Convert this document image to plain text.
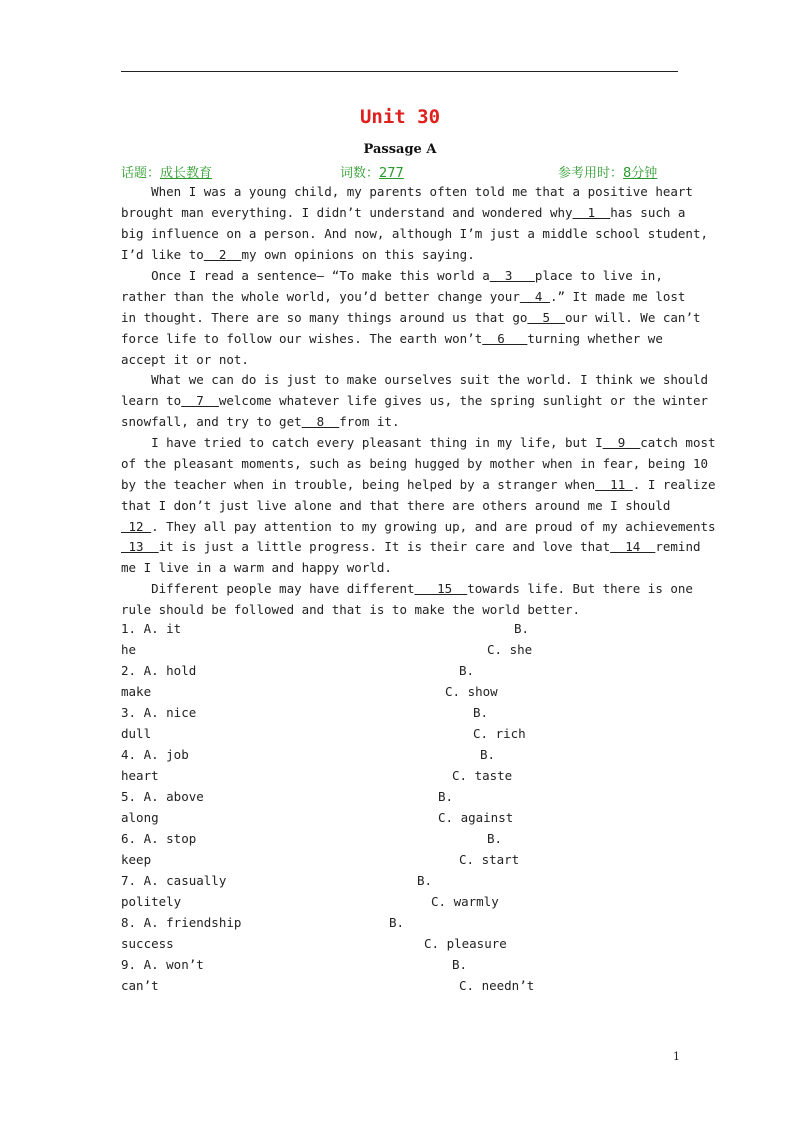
Unit 30
Passage A
话题：成长教育	词数：277	参考用时：8分钟
When I was a young child, my parents often told me that a positive heart
brought man everything. I didn’t understand and wondered why  1  has such a
big influence on a person. And now, although I’m just a middle school student,
I’d like to  2  my own opinions on this saying.
Once I read a sentence— “To make this world a  3   place to live in,
rather than the whole world, you’d better change your  4 .” It made me lost
in thought. There are so many things around us that go  5  our will. We can’t
force life to follow our wishes. The earth won’t  6   turning whether we
accept it or not.
What we can do is just to make ourselves suit the world. I think we should
learn to  7  welcome whatever life gives us, the spring sunlight or the winter
snowfall, and try to get  8  from it.
I have tried to catch every pleasant thing in my life, but I  9  catch most
of the pleasant moments, such as being hugged by mother when in fear, being 10
by the teacher when in trouble, being helped by a stranger when  11 . I realize
that I don’t just live alone and that there are others around me I should
12 . They all pay attention to my growing up, and are proud of my achievements
13  it is just a little progress. It is their care and love that  14  remind
me I live in a warm and happy world.
Different people may have different   15  towards life. But there is one
rule should be followed and that is to make the world better.
1. A. it	B.
he	C. she
2. A. hold	B.
make	C. show
3. A. nice	B.
dull	C. rich
4. A. job	B.
heart	C. taste
5. A. above	B.
along	C. against
6. A. stop	B.
keep	C. start
7. A. casually	B.
politely	C. warmly
8. A. friendship	B.
success	C. pleasure
9. A. won’t	B.
can’t	C. needn’t
1
